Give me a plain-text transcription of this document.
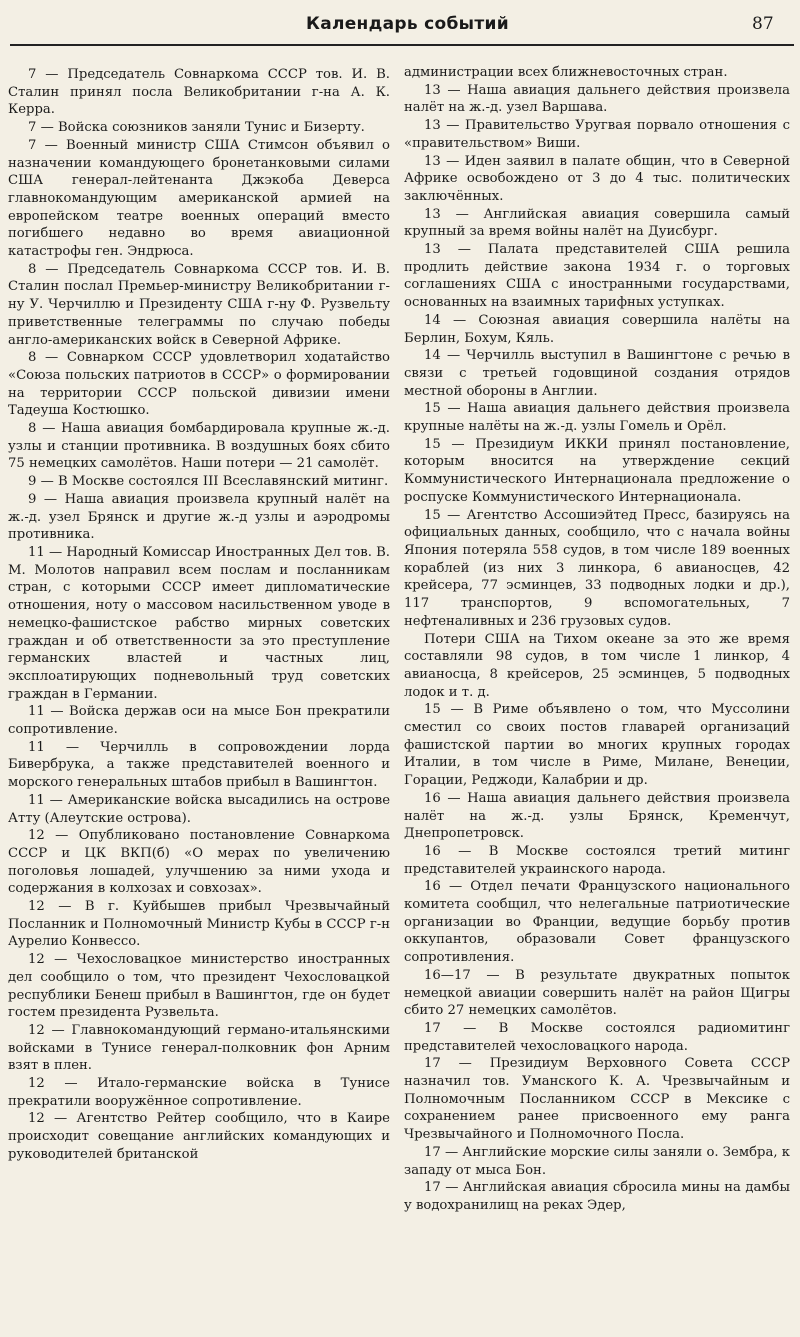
Календарь событий	87

7 — Председатель Совнаркома СССР тов. И. В. Сталин принял посла Великобритании г-на А. К. Керра.

7 — Войска союзников заняли Тунис и Бизерту.

7 — Военный министр США Стимсон объявил о назначении командующего бронетанковыми силами США генерал-лейтенанта Джэкоба Деверса главнокомандующим американской армией на европейском театре военных операций вместо погибшего недавно во время авиационной катастрофы ген. Эндрюса.

8 — Председатель Совнаркома СССР тов. И. В. Сталин послал Премьер-министру Великобритании г-ну У. Черчиллю и Президенту США г-ну Ф. Рузвельту приветственные телеграммы по случаю победы англо-американских войск в Северной Африке.

8 — Совнарком СССР удовлетворил ходатайство «Союза польских патриотов в СССР» о формировании на территории СССР польской дивизии имени Тадеуша Костюшко.

8 — Наша авиация бомбардировала крупные ж.-д. узлы и станции противника. В воздушных боях сбито 75 немецких самолётов. Наши потери — 21 самолёт.

9 — В Москве состоялся III Всеславянский митинг.

9 — Наша авиация произвела крупный налёт на ж.-д. узел Брянск и другие ж.-д узлы и аэродромы противника.

11 — Народный Комиссар Иностранных Дел тов. В. М. Молотов направил всем послам и посланникам стран, с которыми СССР имеет дипломатические отношения, ноту о массовом насильственном уводе в немецко-фашистское рабство мирных советских граждан и об ответственности за это преступление германских властей и частных лиц, эксплоатирующих подневольный труд советских граждан в Германии.

11 — Войска держав оси на мысе Бон прекратили сопротивление.

11 — Черчилль в сопровождении лорда Бивербрука, а также представителей военного и морского генеральных штабов прибыл в Вашингтон.

11 — Американские войска высадились на острове Атту (Алеутские острова).

12 — Опубликовано постановление Совнаркома СССР и ЦК ВКП(б) «О мерах по увеличению поголовья лошадей, улучшению за ними ухода и содержания в колхозах и совхозах».

12 — В г. Куйбышев прибыл Чрезвычайный Посланник и Полномочный Министр Кубы в СССР г-н Аурелио Конвессо.

12 — Чехословацкое министерство иностранных дел сообщило о том, что президент Чехословацкой республики Бенеш прибыл в Вашингтон, где он будет гостем президента Рузвельта.

12 — Главнокомандующий германо-итальянскими войсками в Тунисе генерал-полковник фон Арним взят в плен.

12 — Итало-германские войска в Тунисе прекратили вооружённое сопротивление.

12 — Агентство Рейтер сообщило, что в Каире происходит совещание английских командующих и руководителей британской

администрации всех ближневосточных стран.

13 — Наша авиация дальнего действия произвела налёт на ж.-д. узел Варшава.

13 — Правительство Уругвая порвало отношения с «правительством» Виши.

13 — Иден заявил в палате общин, что в Северной Африке освобождено от 3 до 4 тыс. политических заключённых.

13 — Английская авиация совершила самый крупный за время войны налёт на Дуисбург.

13 — Палата представителей США решила продлить действие закона 1934 г. о торговых соглашениях США с иностранными государствами, основанных на взаимных тарифных уступках.

14 — Союзная авиация совершила налёты на Берлин, Бохум, Кяль.

14 — Черчилль выступил в Вашингтоне с речью в связи с третьей годовщиной создания отрядов местной обороны в Англии.

15 — Наша авиация дальнего действия произвела крупные налёты на ж.-д. узлы Гомель и Орёл.

15 — Президиум ИККИ принял постановление, которым вносится на утверждение секций Коммунистического Интернационала предложение о роспуске Коммунистического Интернационала.

15 — Агентство Ассошиэйтед Пресс, базируясь на официальных данных, сообщило, что с начала войны Япония потеряла 558 судов, в том числе 189 военных кораблей (из них 3 линкора, 6 авианосцев, 42 крейсера, 77 эсминцев, 33 подводных лодки и др.), 117 транспортов, 9 вспомогательных, 7 нефтеналивных и 236 грузовых судов.

Потери США на Тихом океане за это же время составляли 98 судов, в том числе 1 линкор, 4 авианосца, 8 крейсеров, 25 эсминцев, 5 подводных лодок и т. д.

15 — В Риме объявлено о том, что Муссолини сместил со своих постов главарей организаций фашистской партии во многих крупных городах Италии, в том числе в Риме, Милане, Венеции, Горации, Реджоди, Калабрии и др.

16 — Наша авиация дальнего действия произвела налёт на ж.-д. узлы Брянск, Кременчут, Днепропетровск.

16 — В Москве состоялся третий митинг представителей украинского народа.

16 — Отдел печати Французского национального комитета сообщил, что нелегальные патриотические организации во Франции, ведущие борьбу против оккупантов, образовали Совет французского сопротивления.

16—17 — В результате двукратных попыток немецкой авиации совершить налёт на район Щигры сбито 27 немецких самолётов.

17 — В Москве состоялся радиомитинг представителей чехословацкого народа.

17 — Президиум Верховного Совета СССР назначил тов. Уманского К. А. Чрезвычайным и Полномочным Посланником СССР в Мексике с сохранением ранее присвоенного ему ранга Чрезвычайного и Полномочного Посла.

17 — Английские морские силы заняли о. Зембра, к западу от мыса Бон.

17 — Английская авиация сбросила мины на дамбы у водохранилищ на реках Эдер,
